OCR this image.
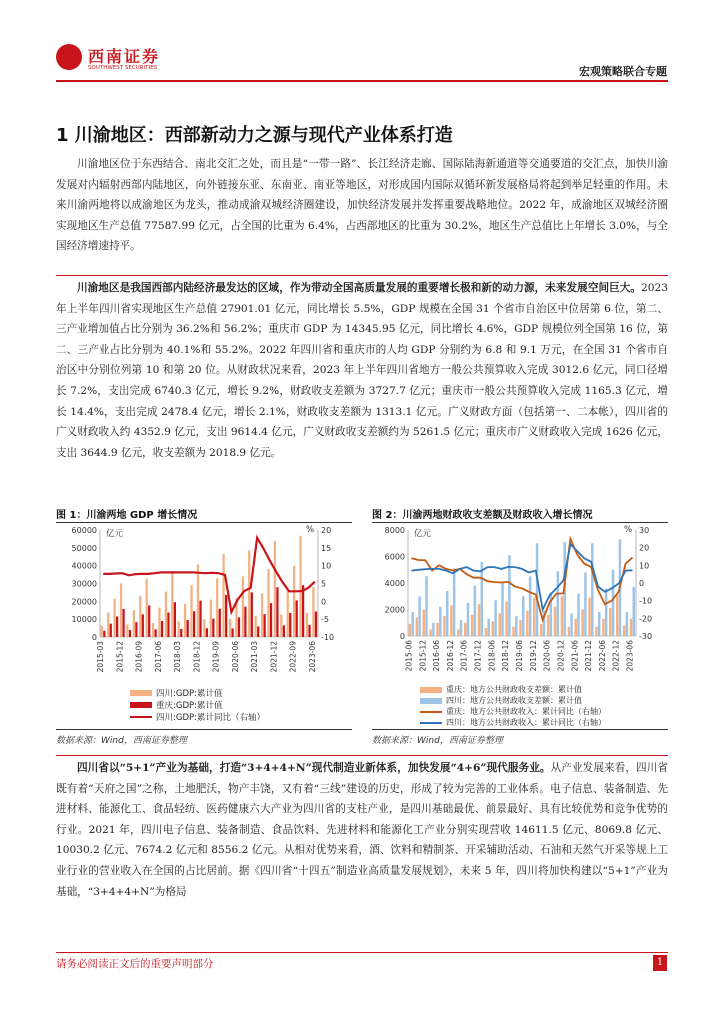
西南证券
SOUTHWEST SECURITIES	宏观策略联合专题
1 川渝地区：西部新动力之源与现代产业体系打造
川渝地区位于东西结合、南北交汇之处，而且是“一带一路”、长江经济走廊、国际陆海新通道等交通要道的交汇点，加快川渝发展对内辐射西部内陆地区，向外链接东亚、东南亚、南亚等地区，对形成国内国际双循环新发展格局将起到举足轻重的作用。未来川渝两地将以成渝地区为龙头，推动成渝双城经济圈建设，加快经济发展并发挥重要战略地位。2022 年，成渝地区双城经济圈实现地区生产总值 77587.99 亿元，占全国的比重为 6.4%，占西部地区的比重为 30.2%，地区生产总值比上年增长 3.0%，与全国经济增速持平。
川渝地区是我国西部内陆经济最发达的区域，作为带动全国高质量发展的重要增长极和新的动力源，未来发展空间巨大。2023 年上半年四川省实现地区生产总值 27901.01 亿元，同比增长 5.5%，GDP 规模在全国 31 个省市自治区中位居第 6 位，第二、三产业增加值占比分别为 36.2%和 56.2%；重庆市 GDP 为 14345.95 亿元，同比增长 4.6%，GDP 规模位列全国第 16 位，第二、三产业占比分别为 40.1%和 55.2%。2022 年四川省和重庆市的人均 GDP 分别约为 6.8 和 9.1 万元，在全国 31 个省市自治区中分别位列第 10 和第 20 位。从财政状况来看，2023 年上半年四川省地方一般公共预算收入完成 3012.6 亿元，同口径增长 7.2%，支出完成 6740.3 亿元，增长 9.2%，财政收支差额为 3727.7 亿元；重庆市一般公共预算收入完成 1165.3 亿元，增长 14.4%，支出完成 2478.4 亿元，增长 2.1%，财政收支差额为 1313.1 亿元。广义财政方面（包括第一、二本帐），四川省的广义财政收入约 4352.9 亿元，支出 9614.4 亿元，广义财政收支差额约为 5261.5 亿元；重庆市广义财政收入完成 1626 亿元，支出 3644.9 亿元，收支差额为 2018.9 亿元。
图 1：川渝两地 GDP 增长情况
0
10000
20000
30000
40000
50000
60000
-10
-5
0
5
10
15
20
亿元	%
2015-03 2015-12 2016-09 2017-06 2018-03 2018-12 2019-09 2020-06 2021-03 2021-12 2022-09 2023-06
四川:GDP:累计值
重庆:GDP:累计值
四川:GDP:累计同比（右轴）
数据来源：Wind，西南证券整理
图 2：川渝两地财政收支差额及财政收入增长情况
0
2000
4000
6000
8000
-30
-20
-10
0
10
20
30
亿元	%
2015-06 2015-12 2016-06 2016-12 2017-06 2017-12 2018-06 2018-12 2019-06 2019-12 2020-06 2020-12 2021-06 2021-12 2022-06 2022-12 2023-06
重庆：地方公共财政收支差额：累计值
四川：地方公共财政收支差额：累计值
重庆：地方公共财政收入：累计同比（右轴）
四川：地方公共财政收入：累计同比（右轴）
数据来源：Wind，西南证券整理
四川省以“5+1”产业为基础，打造“3+4+4+N”现代制造业新体系，加快发展“4+6”现代服务业。从产业发展来看，四川省既有着“天府之国”之称，土地肥沃，物产丰饶，又有着“三线”建设的历史，形成了较为完善的工业体系。电子信息、装备制造、先进材料、能源化工、食品轻纺、医药健康六大产业为四川省的支柱产业，是四川基础最优、前景最好、具有比较优势和竞争优势的行业。2021 年，四川电子信息、装备制造、食品饮料、先进材料和能源化工产业分别实现营收 14611.5 亿元、8069.8 亿元、10030.2 亿元、7674.2 亿元和 8556.2 亿元。从相对优势来看，酒、饮料和精制茶、开采辅助活动、石油和天然气开采等规上工业行业的营业收入在全国的占比居前。据《四川省“十四五”制造业高质量发展规划》，未来 5 年，四川将加快构建以“5+1”产业为基础，“3+4+4+N”为格局
请务必阅读正文后的重要声明部分	1
